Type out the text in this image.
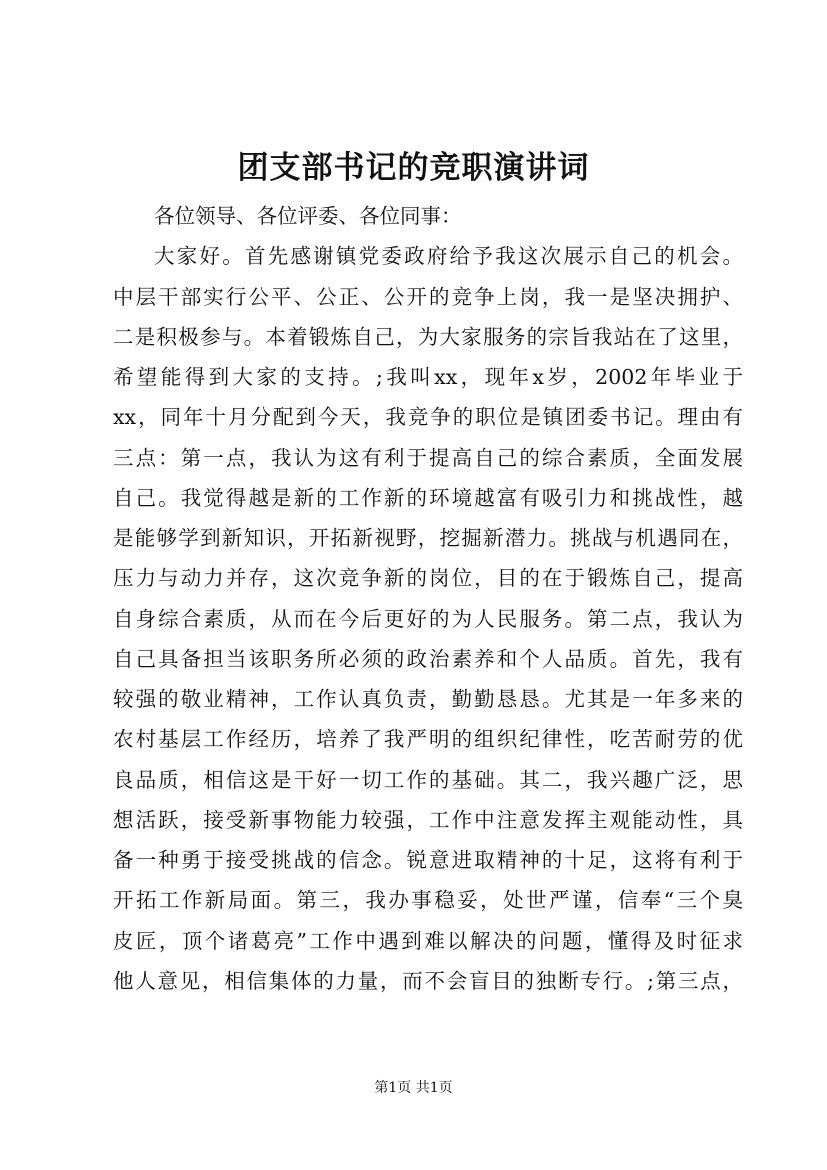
团支部书记的竞职演讲词
各位领导、各位评委、各位同事：
大家好。首先感谢镇党委政府给予我这次展示自己的机会。
中层干部实行公平、公正、公开的竞争上岗，我一是坚决拥护、
二是积极参与。本着锻炼自己，为大家服务的宗旨我站在了这里，
希望能得到大家的支持。;我叫xx，现年x岁，2002年毕业于
xx，同年十月分配到今天，我竞争的职位是镇团委书记。理由有
三点：第一点，我认为这有利于提高自己的综合素质，全面发展
自己。我觉得越是新的工作新的环境越富有吸引力和挑战性，越
是能够学到新知识，开拓新视野，挖掘新潜力。挑战与机遇同在，
压力与动力并存，这次竞争新的岗位，目的在于锻炼自己，提高
自身综合素质，从而在今后更好的为人民服务。第二点，我认为
自己具备担当该职务所必须的政治素养和个人品质。首先，我有
较强的敬业精神，工作认真负责，勤勤恳恳。尤其是一年多来的
农村基层工作经历，培养了我严明的组织纪律性，吃苦耐劳的优
良品质，相信这是干好一切工作的基础。其二，我兴趣广泛，思
想活跃，接受新事物能力较强，工作中注意发挥主观能动性，具
备一种勇于接受挑战的信念。锐意进取精神的十足，这将有利于
开拓工作新局面。第三，我办事稳妥，处世严谨，信奉“三个臭
皮匠，顶个诸葛亮”工作中遇到难以解决的问题，懂得及时征求
他人意见，相信集体的力量，而不会盲目的独断专行。;第三点，
第1页 共1页
